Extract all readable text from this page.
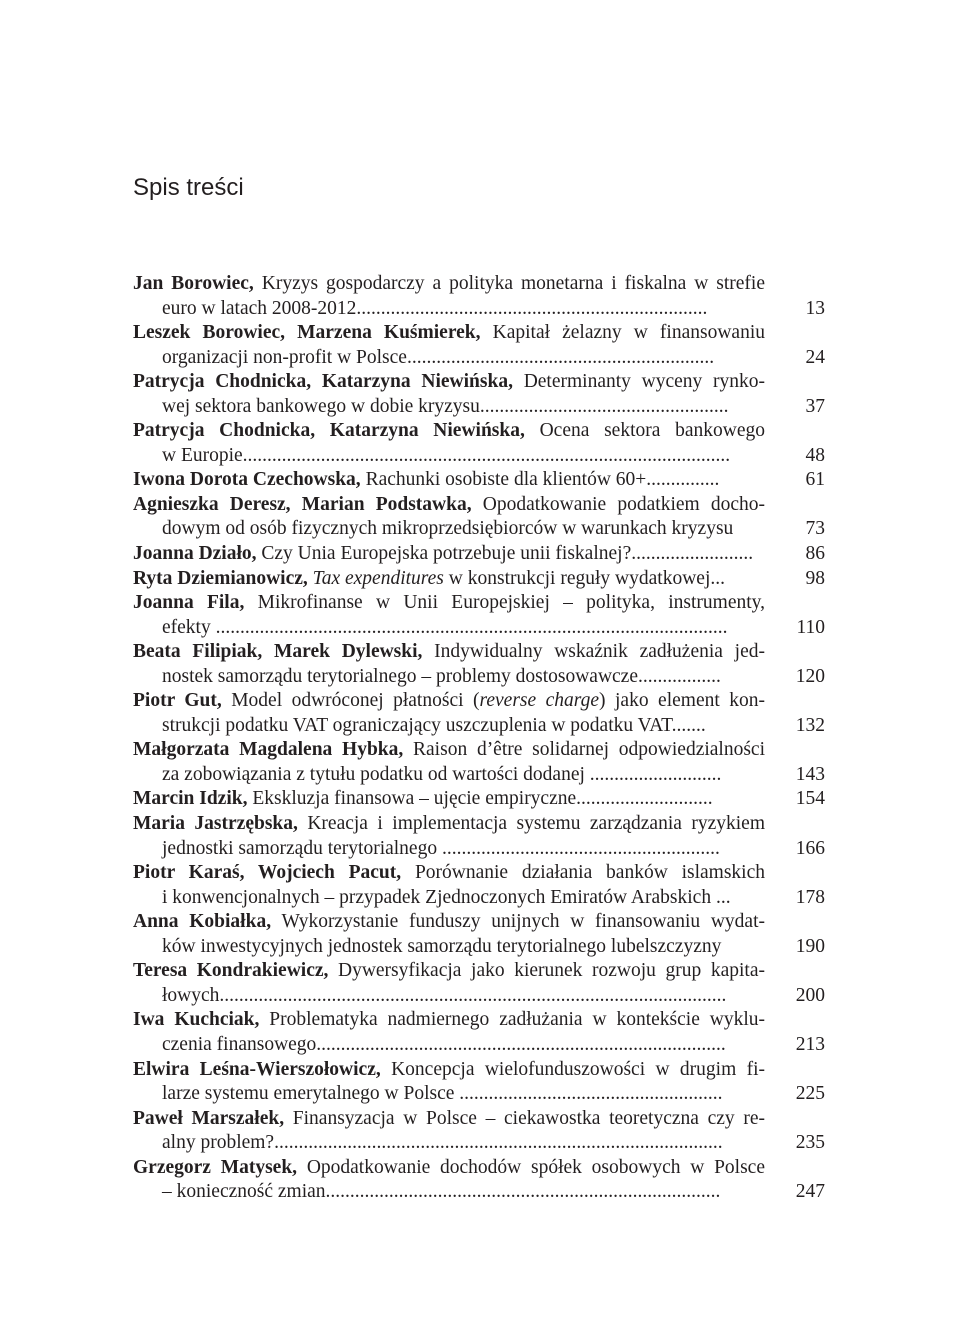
Spis treści
Jan Borowiec, Kryzys gospodarczy a polityka monetarna i fiskalna w strefie
euro w latach 2008-2012........................................................................	13
Leszek Borowiec, Marzena Kuśmierek, Kapitał żelazny w finansowaniu
organizacji non-profit w Polsce...............................................................	24
Patrycja Chodnicka, Katarzyna Niewińska, Determinanty wyceny rynko-
wej sektora bankowego w dobie kryzysu...................................................	37
Patrycja Chodnicka, Katarzyna Niewińska, Ocena sektora bankowego
w Europie....................................................................................................	48
Iwona Dorota Czechowska, Rachunki osobiste dla klientów 60+...............	61
Agnieszka Deresz, Marian Podstawka, Opodatkowanie podatkiem docho-
dowym od osób fizycznych mikroprzedsiębiorców w warunkach kryzysu	73
Joanna Działo, Czy Unia Europejska potrzebuje unii fiskalnej?.........................	86
Ryta Dziemianowicz, Tax expenditures w konstrukcji reguły wydatkowej...	98
Joanna Fila, Mikrofinanse w Unii Europejskiej – polityka, instrumenty,
efekty .........................................................................................................	110
Beata Filipiak, Marek Dylewski, Indywidualny wskaźnik zadłużenia jed-
nostek samorządu terytorialnego – problemy dostosowawcze.................	120
Piotr Gut, Model odwróconej płatności (reverse charge) jako element kon-
strukcji podatku VAT ograniczający uszczuplenia w podatku VAT.......	132
Małgorzata Magdalena Hybka, Raison d’être solidarnej odpowiedzialności
za zobowiązania z tytułu podatku od wartości dodanej ...........................	143
Marcin Idzik, Ekskluzja finansowa – ujęcie empiryczne............................	154
Maria Jastrzębska, Kreacja i implementacja systemu zarządzania ryzykiem
jednostki samorządu terytorialnego .........................................................	166
Piotr Karaś, Wojciech Pacut, Porównanie działania banków islamskich
i konwencjonalnych – przypadek Zjednoczonych Emiratów Arabskich ...	178
Anna Kobiałka, Wykorzystanie funduszy unijnych w finansowaniu wydat-
ków inwestycyjnych jednostek samorządu terytorialnego lubelszczyzny	190
Teresa Kondrakiewicz, Dywersyfikacja jako kierunek rozwoju grup kapita-
łowych........................................................................................................	200
Iwa Kuchciak, Problematyka nadmiernego zadłużania w kontekście wyklu-
czenia finansowego....................................................................................	213
Elwira Leśna-Wierszołowicz, Koncepcja wielofunduszowości w drugim fi-
larze systemu emerytalnego w Polsce ......................................................	225
Paweł Marszałek, Finansyzacja w Polsce – ciekawostka teoretyczna czy re-
alny problem?............................................................................................	235
Grzegorz Matysek, Opodatkowanie dochodów spółek osobowych w Polsce
– konieczność zmian.................................................................................	247
